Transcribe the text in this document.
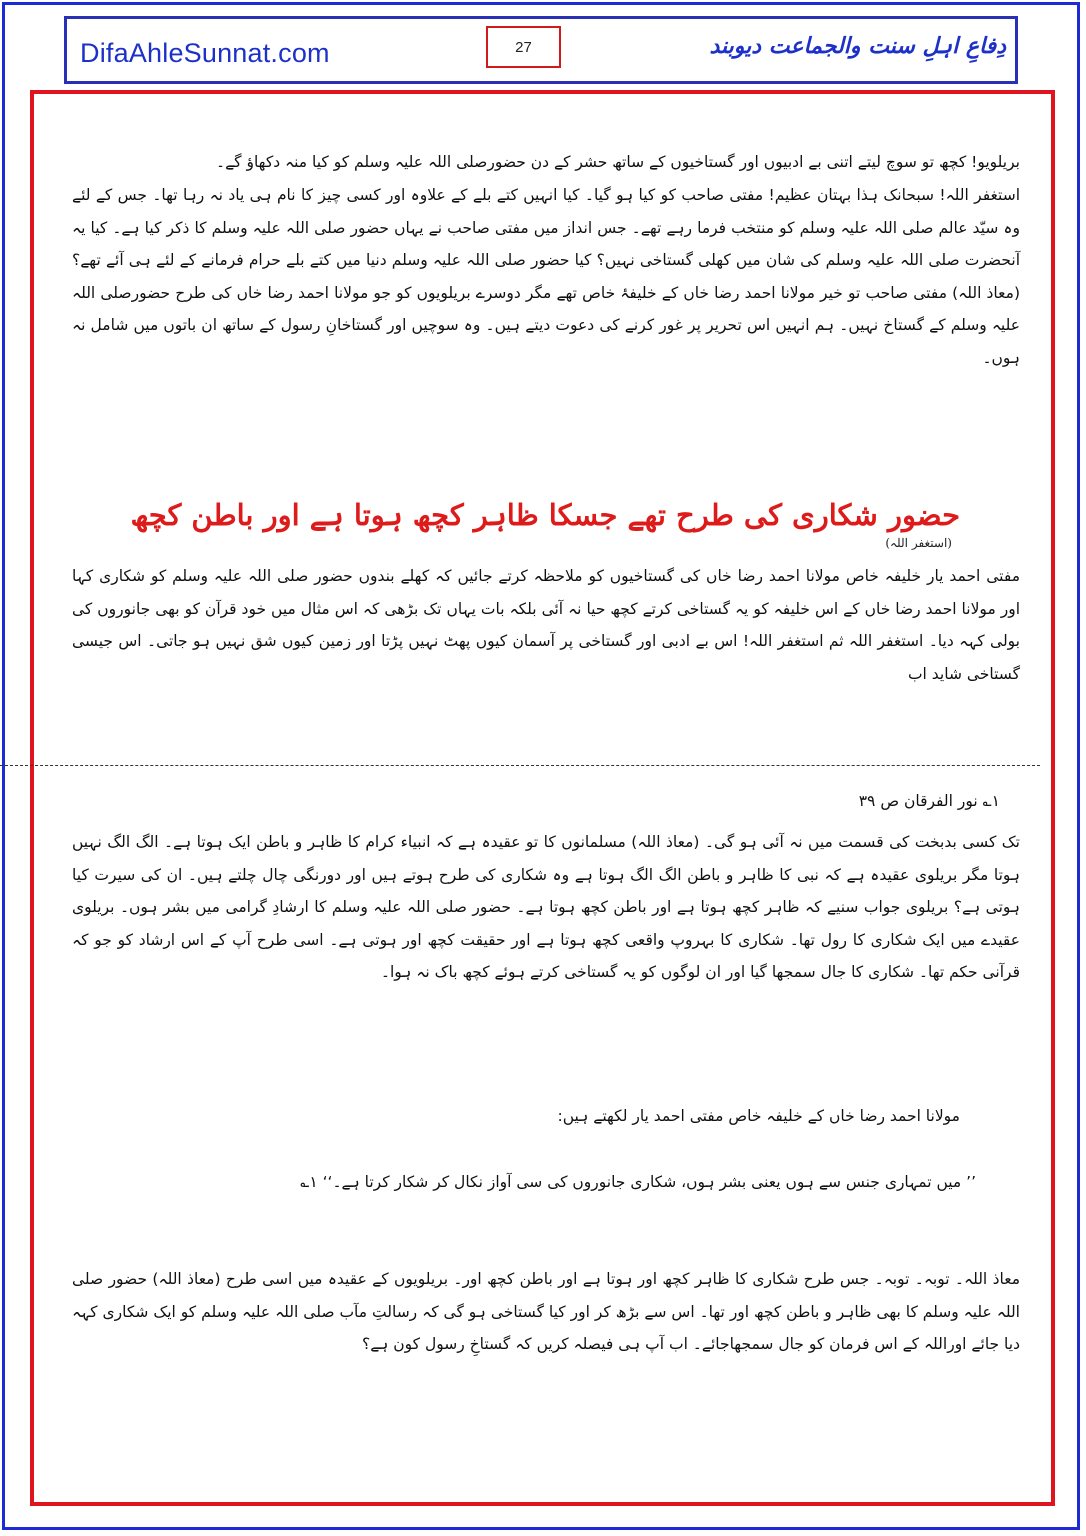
DifaAhleSunnat.com	27	دِفاعِ اہلِ سنت والجماعت دیوبند
بریلویو! کچھ تو سوچ لیتے اتنی بے ادبیوں اور گستاخیوں کے ساتھ حشر کے دن حضورصلی اللہ علیہ وسلم کو کیا منہ دکھاؤ گے۔
استغفر اللہ! سبحانک ہذا بہتان عظیم! مفتی صاحب کو کیا ہو گیا۔ کیا انہیں کتے بلے کے علاوہ اور کسی چیز کا نام ہی یاد نہ رہا تھا۔ جس کے لئے وہ سیّد عالم صلی اللہ علیہ وسلم کو منتخب فرما رہے تھے۔ جس انداز میں مفتی صاحب نے یہاں حضور صلی اللہ علیہ وسلم کا ذکر کیا ہے۔ کیا یہ آنحضرت صلی اللہ علیہ وسلم کی شان میں کھلی گستاخی نہیں؟ کیا حضور صلی اللہ علیہ وسلم دنیا میں کتے بلے حرام فرمانے کے لئے ہی آئے تھے؟ (معاذ اللہ) مفتی صاحب تو خیر مولانا احمد رضا خاں کے خلیفۂ خاص تھے مگر دوسرے بریلویوں کو جو مولانا احمد رضا خاں کی طرح حضورصلی اللہ علیہ وسلم کے گستاخ نہیں۔ ہم انہیں اس تحریر پر غور کرنے کی دعوت دیتے ہیں۔ وہ سوچیں اور گستاخانِ رسول کے ساتھ ان باتوں میں شامل نہ ہوں۔
حضور شکاری کی طرح تھے جسکا ظاہر کچھ ہوتا ہے اور باطن کچھ (استغفر اللہ)
مفتی احمد یار خلیفہ خاص مولانا احمد رضا خاں کی گستاخیوں کو ملاحظہ کرتے جائیں کہ کھلے بندوں حضور صلی اللہ علیہ وسلم کو شکاری کہا اور مولانا احمد رضا خاں کے اس خلیفہ کو یہ گستاخی کرتے کچھ حیا نہ آئی بلکہ بات یہاں تک بڑھی کہ اس مثال میں خود قرآن کو بھی جانوروں کی بولی کہہ دیا۔ استغفر اللہ ثم استغفر اللہ! اس بے ادبی اور گستاخی پر آسمان کیوں پھٹ نہیں پڑتا اور زمین کیوں شق نہیں ہو جاتی۔ اس جیسی گستاخی شاید اب
۱؎ نور الفرقان ص ۳۹
تک کسی بدبخت کی قسمت میں نہ آئی ہو گی۔ (معاذ اللہ) مسلمانوں کا تو عقیدہ ہے کہ انبیاء کرام کا ظاہر و باطن ایک ہوتا ہے۔ الگ الگ نہیں ہوتا مگر بریلوی عقیدہ ہے کہ نبی کا ظاہر و باطن الگ الگ ہوتا ہے وہ شکاری کی طرح ہوتے ہیں اور دورنگی چال چلتے ہیں۔ ان کی سیرت کیا ہوتی ہے؟ بریلوی جواب سنیے کہ ظاہر کچھ ہوتا ہے اور باطن کچھ ہوتا ہے۔ حضور صلی اللہ علیہ وسلم کا ارشادِ گرامی میں بشر ہوں۔ بریلوی عقیدے میں ایک شکاری کا رول تھا۔ شکاری کا بہروپ واقعی کچھ ہوتا ہے اور حقیقت کچھ اور ہوتی ہے۔ اسی طرح آپ کے اس ارشاد کو جو کہ قرآنی حکم تھا۔ شکاری کا جال سمجھا گیا اور ان لوگوں کو یہ گستاخی کرتے ہوئے کچھ باک نہ ہوا۔
مولانا احمد رضا خاں کے خلیفہ خاص مفتی احمد یار لکھتے ہیں:
’’ میں تمہاری جنس سے ہوں یعنی بشر ہوں، شکاری جانوروں کی سی آواز نکال کر شکار کرتا ہے۔‘‘ ۱؎
معاذ اللہ۔ توبہ۔ توبہ۔ جس طرح شکاری کا ظاہر کچھ اور ہوتا ہے اور باطن کچھ اور۔ بریلویوں کے عقیدہ میں اسی طرح (معاذ اللہ) حضور صلی اللہ علیہ وسلم کا بھی ظاہر و باطن کچھ اور تھا۔ اس سے بڑھ کر اور کیا گستاخی ہو گی کہ رسالتِ مآب صلی اللہ علیہ وسلم کو ایک شکاری کہہ دیا جائے اوراللہ کے اس فرمان کو جال سمجھاجائے۔ اب آپ ہی فیصلہ کریں کہ گستاخِ رسول کون ہے؟
